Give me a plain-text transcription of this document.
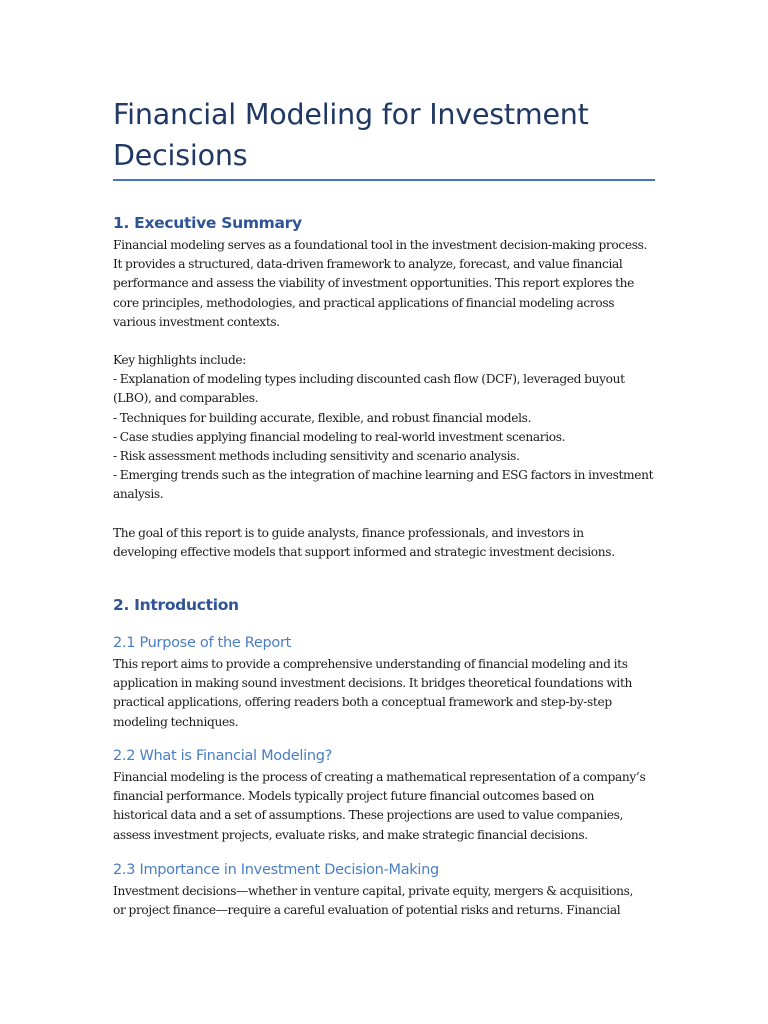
Financial Modeling for Investment
Decisions
1. Executive Summary

Financial modeling serves as a foundational tool in the investment decision-making process.
It provides a structured, data-driven framework to analyze, forecast, and value financial
performance and assess the viability of investment opportunities. This report explores the
core principles, methodologies, and practical applications of financial modeling across
various investment contexts.

Key highlights include:
- Explanation of modeling types including discounted cash flow (DCF), leveraged buyout
(LBO), and comparables.
- Techniques for building accurate, flexible, and robust financial models.
- Case studies applying financial modeling to real-world investment scenarios.
- Risk assessment methods including sensitivity and scenario analysis.
- Emerging trends such as the integration of machine learning and ESG factors in investment
analysis.

The goal of this report is to guide analysts, finance professionals, and investors in
developing effective models that support informed and strategic investment decisions.

2. Introduction
2.1 Purpose of the Report

This report aims to provide a comprehensive understanding of financial modeling and its
application in making sound investment decisions. It bridges theoretical foundations with
practical applications, offering readers both a conceptual framework and step-by-step
modeling techniques.

2.2 What is Financial Modeling?

Financial modeling is the process of creating a mathematical representation of a company’s
financial performance. Models typically project future financial outcomes based on
historical data and a set of assumptions. These projections are used to value companies,
assess investment projects, evaluate risks, and make strategic financial decisions.

2.3 Importance in Investment Decision-Making

Investment decisions—whether in venture capital, private equity, mergers & acquisitions,
or project finance—require a careful evaluation of potential risks and returns. Financial
